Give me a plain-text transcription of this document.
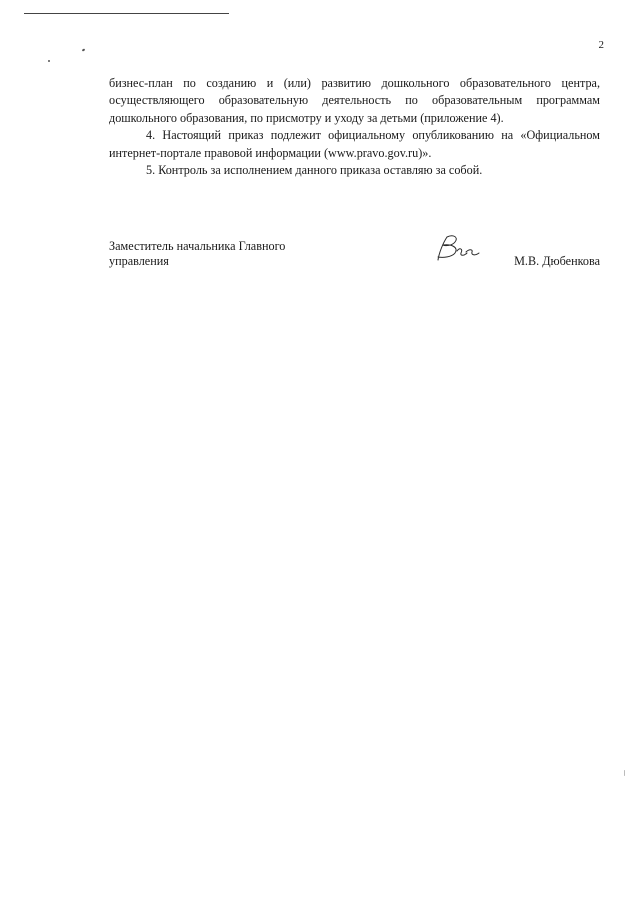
2

бизнес-план по созданию и (или) развитию дошкольного образовательного центра, осуществляющего образовательную деятельность по образовательным программам дошкольного образования, по присмотру и уходу за детьми (приложение 4).

4. Настоящий приказ подлежит официальному опубликованию на «Официальном интернет-портале правовой информации (www.pravo.gov.ru)».

5. Контроль за исполнением данного приказа оставляю за собой.

Заместитель начальника Главного
управления	М.В. Дюбенкова
